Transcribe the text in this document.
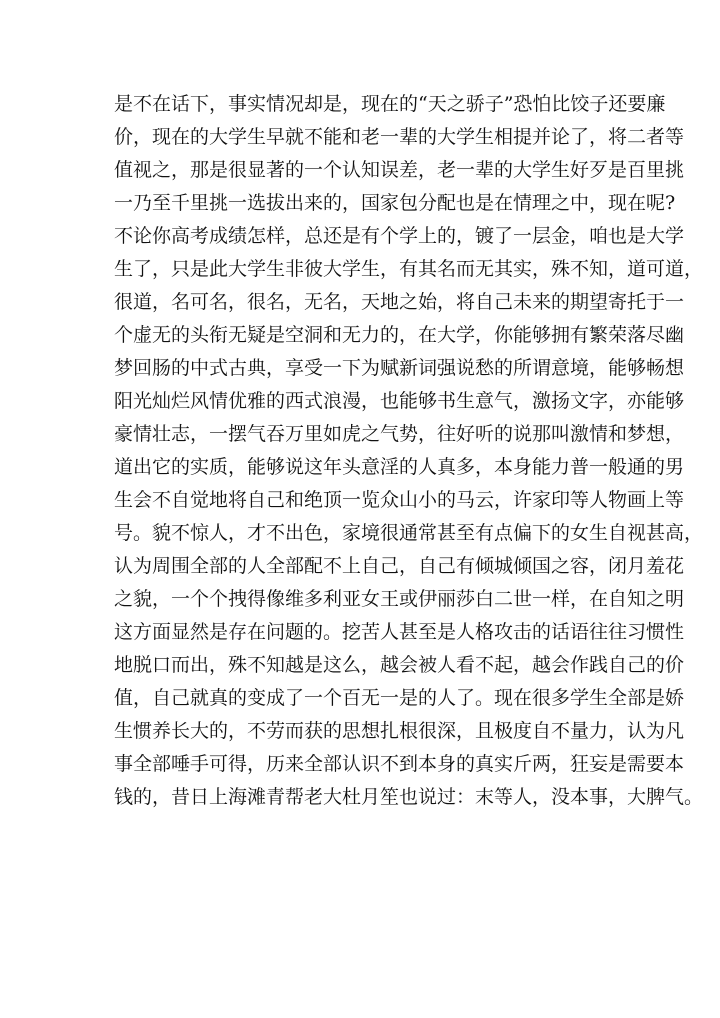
是不在话下，事实情况却是，现在的“天之骄子”恐怕比饺子还要廉
价，现在的大学生早就不能和老一辈的大学生相提并论了，将二者等
值视之，那是很显著的一个认知误差，老一辈的大学生好歹是百里挑
一乃至千里挑一选拔出来的，国家包分配也是在情理之中，现在呢?
不论你高考成绩怎样，总还是有个学上的，镀了一层金，咱也是大学
生了，只是此大学生非彼大学生，有其名而无其实，殊不知，道可道，
很道，名可名，很名，无名，天地之始，将自己未来的期望寄托于一
个虚无的头衔无疑是空洞和无力的，在大学，你能够拥有繁荣落尽幽
梦回肠的中式古典，享受一下为赋新词强说愁的所谓意境，能够畅想
阳光灿烂风情优雅的西式浪漫，也能够书生意气，激扬文字，亦能够
豪情壮志，一摆气吞万里如虎之气势，往好听的说那叫激情和梦想，
道出它的实质，能够说这年头意淫的人真多，本身能力普一般通的男
生会不自觉地将自己和绝顶一览众山小的马云，许家印等人物画上等
号。貌不惊人，才不出色，家境很通常甚至有点偏下的女生自视甚高，
认为周围全部的人全部配不上自己，自己有倾城倾国之容，闭月羞花
之貌，一个个拽得像维多利亚女王或伊丽莎白二世一样，在自知之明
这方面显然是存在问题的。挖苦人甚至是人格攻击的话语往往习惯性
地脱口而出，殊不知越是这么，越会被人看不起，越会作践自己的价
值，自己就真的变成了一个百无一是的人了。现在很多学生全部是娇
生惯养长大的，不劳而获的思想扎根很深，且极度自不量力，认为凡
事全部唾手可得，历来全部认识不到本身的真实斤两，狂妄是需要本
钱的，昔日上海滩青帮老大杜月笙也说过：末等人，没本事，大脾气。
